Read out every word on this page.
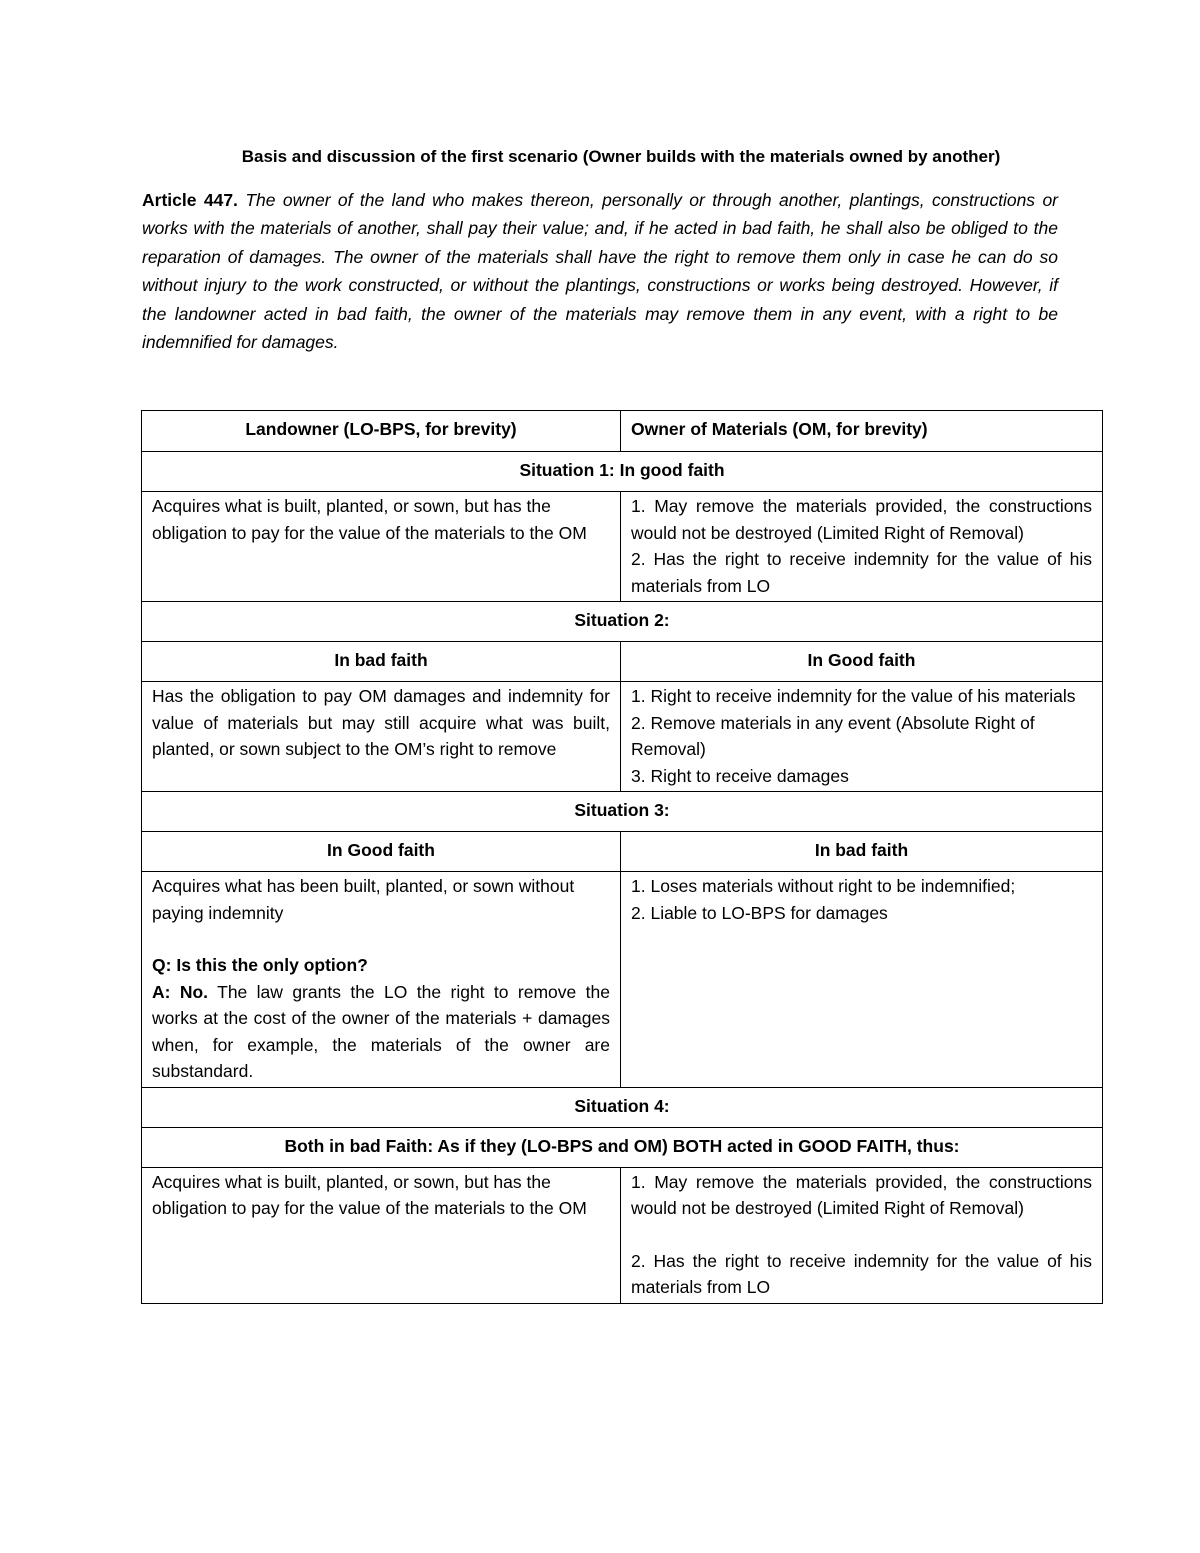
Basis and discussion of the first scenario (Owner builds with the materials owned by another)

Article 447. The owner of the land who makes thereon, personally or through another, plantings, constructions or works with the materials of another, shall pay their value; and, if he acted in bad faith, he shall also be obliged to the reparation of damages. The owner of the materials shall have the right to remove them only in case he can do so without injury to the work constructed, or without the plantings, constructions or works being destroyed. However, if the landowner acted in bad faith, the owner of the materials may remove them in any event, with a right to be indemnified for damages.

Landowner (LO-BPS, for brevity)	Owner of Materials (OM, for brevity)
Situation 1: In good faith	

Acquires what is built, planted, or sown, but has the obligation to pay for the value of the materials to the OM	1. May remove the materials provided, the constructions would not be destroyed (Limited Right of Removal)
2. Has the right to receive indemnity for the value of his materials from LO

Situation 2:	
In bad faith	In Good faith

Has the obligation to pay OM damages and indemnity for value of materials but may still acquire what was built, planted, or sown subject to the OM’s right to remove	1. Right to receive indemnity for the value of his materials
2. Remove materials in any event (Absolute Right of Removal)
3. Right to receive damages

Situation 3:	
In Good faith	In bad faith

Acquires what has been built, planted, or sown without paying indemnity
Q: Is this the only option?
A: No. The law grants the LO the right to remove the works at the cost of the owner of the materials + damages when, for example, the materials of the owner are substandard.	1. Loses materials without right to be indemnified;
2. Liable to LO-BPS for damages

Situation 4:	
Both in bad Faith: As if they (LO-BPS and OM) BOTH acted in GOOD FAITH, thus:	

Acquires what is built, planted, or sown, but has the obligation to pay for the value of the materials to the OM	1. May remove the materials provided, the constructions would not be destroyed (Limited Right of Removal)
2. Has the right to receive indemnity for the value of his materials from LO
